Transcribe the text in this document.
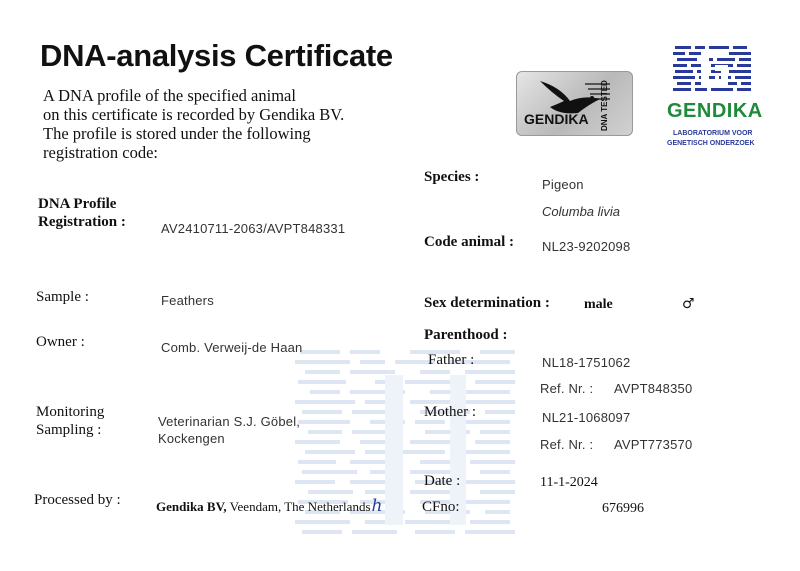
DNA-analysis Certificate
A DNA profile of the specified animal
on this certificate is recorded by Gendika BV.
The profile is stored under the following
registration code:
GENDIKA DNA TESTED	GENDIKA
LABORATORIUM VOOR
GENETISCH ONDERZOEK
DNA Profile
Registration :	AV2410711-2063/AVPT848331
Sample :	Feathers
Owner :	Comb. Verweij-de Haan
Monitoring
Sampling :
Veterinarian S.J. Göbel,
Kockengen
Processed by :	Gendika BV, Veendam, The Netherlandsh
Species :	Pigeon
Columba livia
Code animal : NL23-9202098
Sex determination : male	♂
Parenthood :
Father :	NL18-1751062
Ref. Nr. : AVPT848350
Mother :	NL21-1068097
Ref. Nr. : AVPT773570
Date :	11-1-2024
CFno:	676996
